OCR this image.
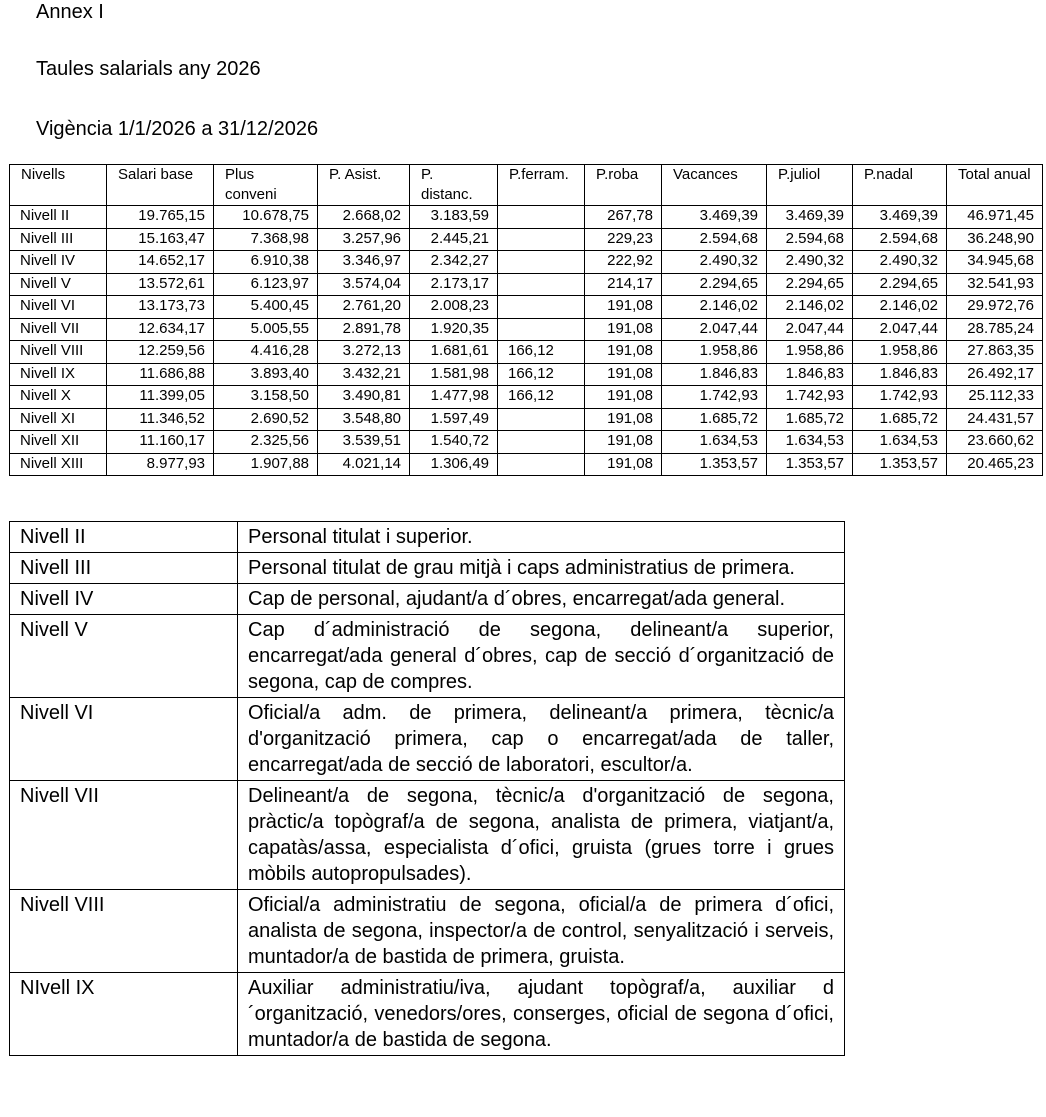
Annex I
Taules salarials any 2026
Vigència 1/1/2026 a 31/12/2026
Nivells	Salari base	Plus conveni	P. Asist.	P. distanc.	P.ferram.	P.roba	Vacances	P.juliol	P.nadal	Total anual
Nivell II	19.765,15	10.678,75	2.668,02	3.183,59		267,78	3.469,39	3.469,39	3.469,39	46.971,45
Nivell III	15.163,47	7.368,98	3.257,96	2.445,21		229,23	2.594,68	2.594,68	2.594,68	36.248,90
Nivell IV	14.652,17	6.910,38	3.346,97	2.342,27		222,92	2.490,32	2.490,32	2.490,32	34.945,68
Nivell V	13.572,61	6.123,97	3.574,04	2.173,17		214,17	2.294,65	2.294,65	2.294,65	32.541,93
Nivell VI	13.173,73	5.400,45	2.761,20	2.008,23		191,08	2.146,02	2.146,02	2.146,02	29.972,76
Nivell VII	12.634,17	5.005,55	2.891,78	1.920,35		191,08	2.047,44	2.047,44	2.047,44	28.785,24
Nivell VIII	12.259,56	4.416,28	3.272,13	1.681,61	166,12	191,08	1.958,86	1.958,86	1.958,86	27.863,35
Nivell IX	11.686,88	3.893,40	3.432,21	1.581,98	166,12	191,08	1.846,83	1.846,83	1.846,83	26.492,17
Nivell X	11.399,05	3.158,50	3.490,81	1.477,98	166,12	191,08	1.742,93	1.742,93	1.742,93	25.112,33
Nivell XI	11.346,52	2.690,52	3.548,80	1.597,49		191,08	1.685,72	1.685,72	1.685,72	24.431,57
Nivell XII	11.160,17	2.325,56	3.539,51	1.540,72		191,08	1.634,53	1.634,53	1.634,53	23.660,62
Nivell XIII	8.977,93	1.907,88	4.021,14	1.306,49		191,08	1.353,57	1.353,57	1.353,57	20.465,23
Nivell II	Personal titulat i superior.
Nivell III	Personal titulat de grau mitjà i caps administratius de primera.
Nivell IV	Cap de personal, ajudant/a d´obres, encarregat/ada general.
Nivell V	Cap d´administració de segona, delineant/a superior, encarregat/ada general d´obres, cap de secció d´organització de segona, cap de compres.
Nivell VI	Oficial/a adm. de primera, delineant/a primera, tècnic/a d'organització primera, cap o encarregat/ada de taller, encarregat/ada de secció de laboratori, escultor/a.
Nivell VII	Delineant/a de segona, tècnic/a d'organització de segona, pràctic/a topògraf/a de segona, analista de primera, viatjant/a, capatàs/assa, especialista d´ofici, gruista (grues torre i grues mòbils autopropulsades).
Nivell VIII	Oficial/a administratiu de segona, oficial/a de primera d´ofici, analista de segona, inspector/a de control, senyalització i serveis, muntador/a de bastida de primera, gruista.
NIvell IX	Auxiliar administratiu/iva, ajudant topògraf/a, auxiliar d´organització, venedors/ores, conserges, oficial de segona d´ofici, muntador/a de bastida de segona.
